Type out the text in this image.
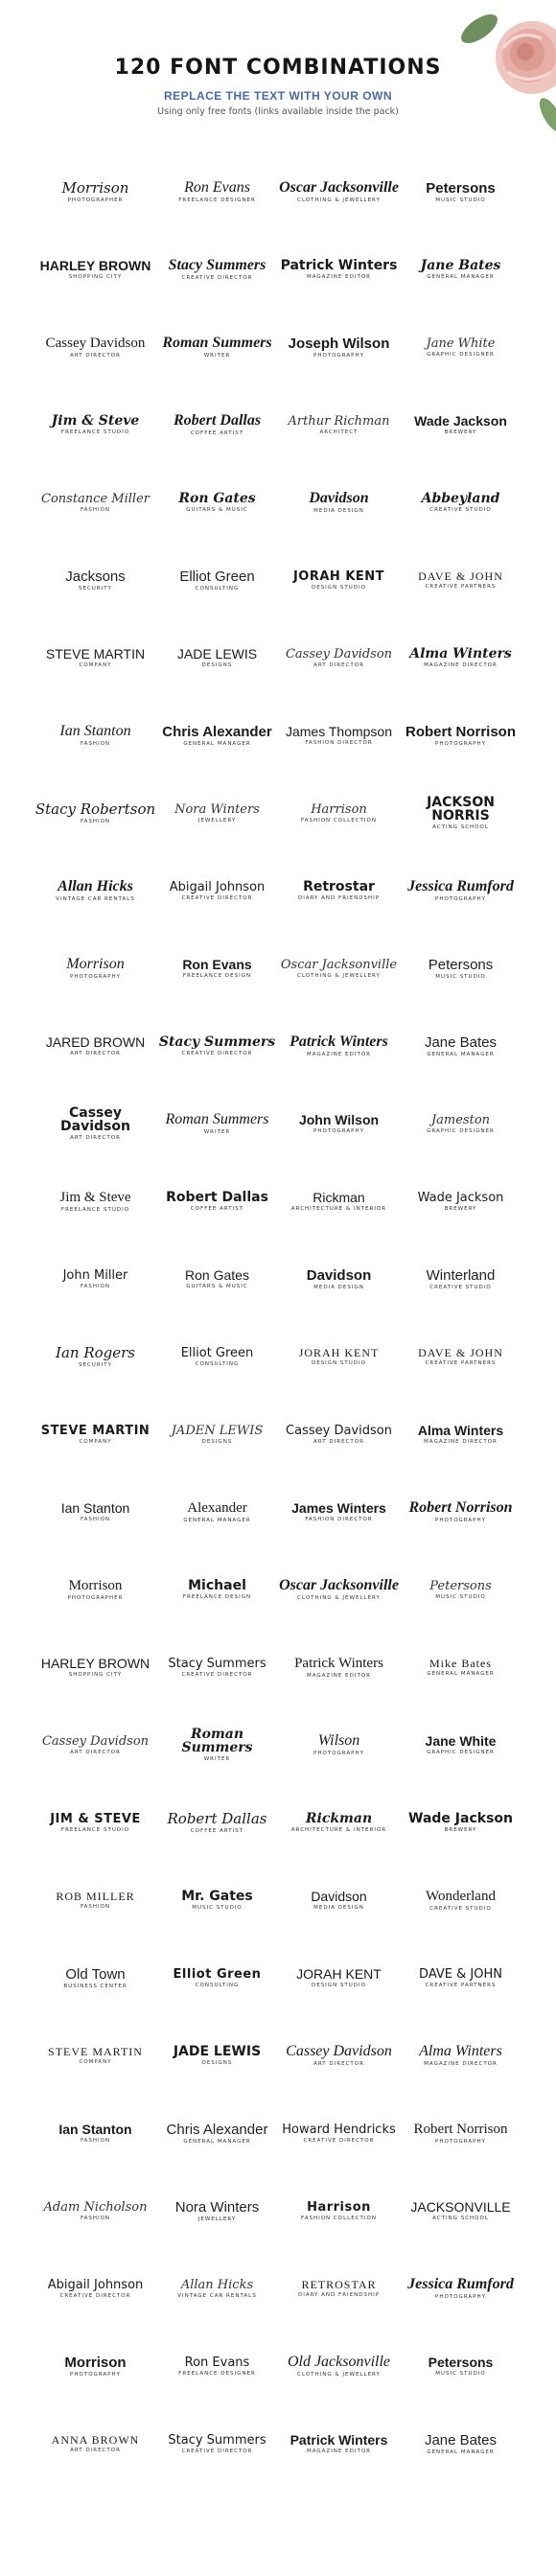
120 FONT COMBINATIONS
REPLACE THE TEXT WITH YOUR OWN
Using only free fonts (links available inside the pack)
Morrison
PHOTOGRAPHER
Ron Evans
FREELANCE DESIGNER
Oscar Jacksonville
CLOTHING & JEWELLERY
Petersons
MUSIC STUDIO
HARLEY BROWN
SHOPPING CITY
Stacy Summers
CREATIVE DIRECTOR
Patrick Winters
MAGAZINE EDITOR
Jane Bates
GENERAL MANAGER
Cassey Davidson
ART DIRECTOR
Roman Summers
WRITER
Joseph Wilson
PHOTOGRAPHY
Jane White
GRAPHIC DESIGNER
Jim & Steve
FREELANCE STUDIO
Robert Dallas
COFFEE ARTIST
Arthur Richman
ARCHITECT
Wade Jackson
BREWERY
Constance Miller
FASHION
Ron Gates
GUITARS & MUSIC
Davidson
MEDIA DESIGN
Abbeyland
CREATIVE STUDIO
Jacksons
SECURITY
Elliot Green
CONSULTING
JORAH KENT
DESIGN STUDIO
DAVE & JOHN
CREATIVE PARTNERS
STEVE MARTIN
COMPANY
JADE LEWIS
DESIGNS
Cassey Davidson
ART DIRECTOR
Alma Winters
MAGAZINE DIRECTOR
Ian Stanton
FASHION
Chris Alexander
GENERAL MANAGER
James Thompson
FASHION DIRECTOR
Robert Norrison
PHOTOGRAPHY
Stacy Robertson
FASHION
Nora Winters
JEWELLERY
Harrison
FASHION COLLECTION
JACKSON NORRIS
ACTING SCHOOL
Allan Hicks
VINTAGE CAR RENTALS
Abigail Johnson
CREATIVE DIRECTOR
Retrostar
DIARY AND FRIENDSHIP
Jessica Rumford
PHOTOGRAPHY
Morrison
PHOTOGRAPHY
Ron Evans
FREELANCE DESIGN
Oscar Jacksonville
CLOTHING & JEWELLERY
Petersons
MUSIC STUDIO
JARED BROWN
ART DIRECTOR
Stacy Summers
CREATIVE DIRECTOR
Patrick Winters
MAGAZINE EDITOR
Jane Bates
GENERAL MANAGER
Cassey Davidson
ART DIRECTOR
Roman Summers
WRITER
John Wilson
PHOTOGRAPHY
Jameston
GRAPHIC DESIGNER
Jim & Steve
FREELANCE STUDIO
Robert Dallas
COFFEE ARTIST
Rickman
ARCHITECTURE & INTERIOR
Wade Jackson
BREWERY
John Miller
FASHION
Ron Gates
GUITARS & MUSIC
Davidson
MEDIA DESIGN
Winterland
CREATIVE STUDIO
Ian Rogers
SECURITY
Elliot Green
CONSULTING
JORAH KENT
DESIGN STUDIO
DAVE & JOHN
CREATIVE PARTNERS
STEVE MARTIN
COMPANY
JADEN LEWIS
DESIGNS
Cassey Davidson
ART DIRECTOR
Alma Winters
MAGAZINE DIRECTOR
Ian Stanton
FASHION
Alexander
GENERAL MANAGER
James Winters
FASHION DIRECTOR
Robert Norrison
PHOTOGRAPHY
Morrison
PHOTOGRAPHER
Michael
FREELANCE DESIGN
Oscar Jacksonville
CLOTHING & JEWELLERY
Petersons
MUSIC STUDIO
HARLEY BROWN
SHOPPING CITY
Stacy Summers
CREATIVE DIRECTOR
Patrick Winters
MAGAZINE EDITOR
Mike Bates
GENERAL MANAGER
Cassey Davidson
ART DIRECTOR
Roman Summers
WRITER
Wilson
PHOTOGRAPHY
Jane White
GRAPHIC DESIGNER
JIM & STEVE
FREELANCE STUDIO
Robert Dallas
COFFEE ARTIST
Rickman
ARCHITECTURE & INTERIOR
Wade Jackson
BREWERY
ROB MILLER
FASHION
Mr. Gates
MUSIC STUDIO
Davidson
MEDIA DESIGN
Wonderland
CREATIVE STUDIO
Old Town
BUSINESS CENTER
Elliot Green
CONSULTING
JORAH KENT
DESIGN STUDIO
DAVE & JOHN
CREATIVE PARTNERS
STEVE MARTIN
COMPANY
JADE LEWIS
DESIGNS
Cassey Davidson
ART DIRECTOR
Alma Winters
MAGAZINE DIRECTOR
Ian Stanton
FASHION
Chris Alexander
GENERAL MANAGER
Howard Hendricks
CREATIVE DIRECTOR
Robert Norrison
PHOTOGRAPHY
Adam Nicholson
FASHION
Nora Winters
JEWELLERY
Harrison
FASHION COLLECTION
JACKSONVILLE
ACTING SCHOOL
Abigail Johnson
CREATIVE DIRECTOR
Allan Hicks
VINTAGE CAR RENTALS
RETROSTAR
DIARY AND FRIENDSHIP
Jessica Rumford
PHOTOGRAPHY
Morrison
PHOTOGRAPHY
Ron Evans
FREELANCE DESIGNER
Old Jacksonville
CLOTHING & JEWELLERY
Petersons
MUSIC STUDIO
ANNA BROWN
ART DIRECTOR
Stacy Summers
CREATIVE DIRECTOR
Patrick Winters
MAGAZINE EDITOR
Jane Bates
GENERAL MANAGER
